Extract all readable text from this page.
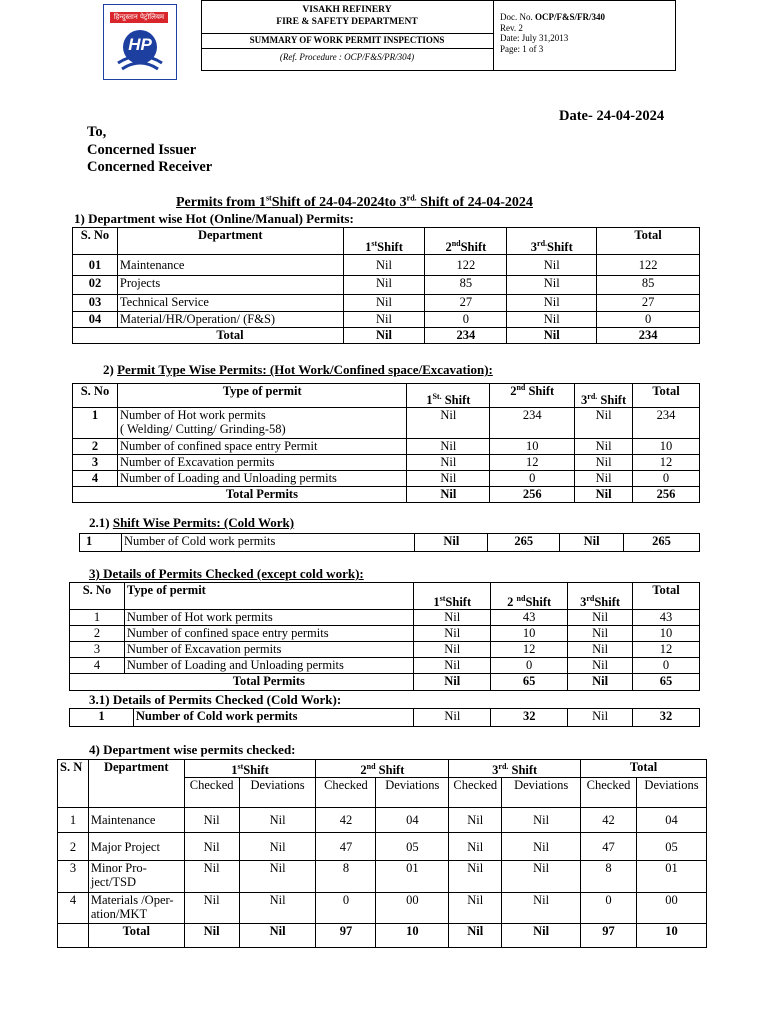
हिन्दुस्तान पेट्रोलियम
HP
VISAKH REFINERY
FIRE & SAFETY DEPARTMENT
SUMMARY OF WORK PERMIT INSPECTIONS
(Ref. Procedure : OCP/F&S/PR/304)
Doc. No. OCP/F&S/FR/340
Rev. 2
Date: July 31,2013
Page: 1 of 3
Date- 24-04-2024
To,
Concerned Issuer
Concerned Receiver
Permits from 1stShift of 24-04-2024to $3^{rd.}$ Shift of 24-04-2024
1) Department wise Hot (Online/Manual) Permits:
S. No	Department	1stShift	2ndShift	$3^{rd.}Shift$	Total
01	Maintenance	Nil	122	Nil	122
02	Projects	Nil	85	Nil	85
03	Technical Service	Nil	27	Nil	27
04	Material/HR/Operation/ (F&S)	Nil	0	Nil	0
	Total	Nil	234	Nil	234
2) Permit Type Wise Permits: (Hot Work/Confined space/Excavation):
S. No	Type of permit	$1^{St.}$ Shift	2nd Shift	$3^{rd.}$ Shift	Total
1	Number of Hot work permits
( Welding/ Cutting/ Grinding-58)	Nil	234	Nil	234
2	Number of confined space entry Permit	Nil	10	Nil	10
3	Number of Excavation permits	Nil	12	Nil	12
4	Number of Loading and Unloading permits	Nil	0	Nil	0
	Total Permits	Nil	256	Nil	256
2.1) Shift Wise Permits: (Cold Work)
1	Number of Cold work permits	Nil	265	Nil	265
3) Details of Permits Checked (except cold work):
S. No	Type of permit	1stShift	2 $^{nd}$Shift	3rdShift	Total
1	Number of Hot work permits	Nil	43	Nil	43
2	Number of confined space entry permits	Nil	10	Nil	10
3	Number of Excavation permits	Nil	12	Nil	12
4	Number of Loading and Unloading permits	Nil	0	Nil	0
	Total Permits	Nil	65	Nil	65
3.1) Details of Permits Checked (Cold Work):
1	Number of Cold work permits	Nil	32	Nil	32
4) Department wise permits checked:
S. N	Department	1stShift		2nd Shift		$3^{rd.}$ Shift		Total	
		Checked	Deviations	Checked	Deviations	Checked	Deviations	Checked	Deviations
1	Maintenance	Nil	Nil	42	04	Nil	Nil	42	04
2	Major Project	Nil	Nil	47	05	Nil	Nil	47	05
3	Minor Pro-
ject/TSD	Nil	Nil	8	01	Nil	Nil	8	01
4	Materials /Oper-
ation/MKT	Nil	Nil	0	00	Nil	Nil	0	00
	Total	Nil	Nil	97	10	Nil	Nil	97	10
